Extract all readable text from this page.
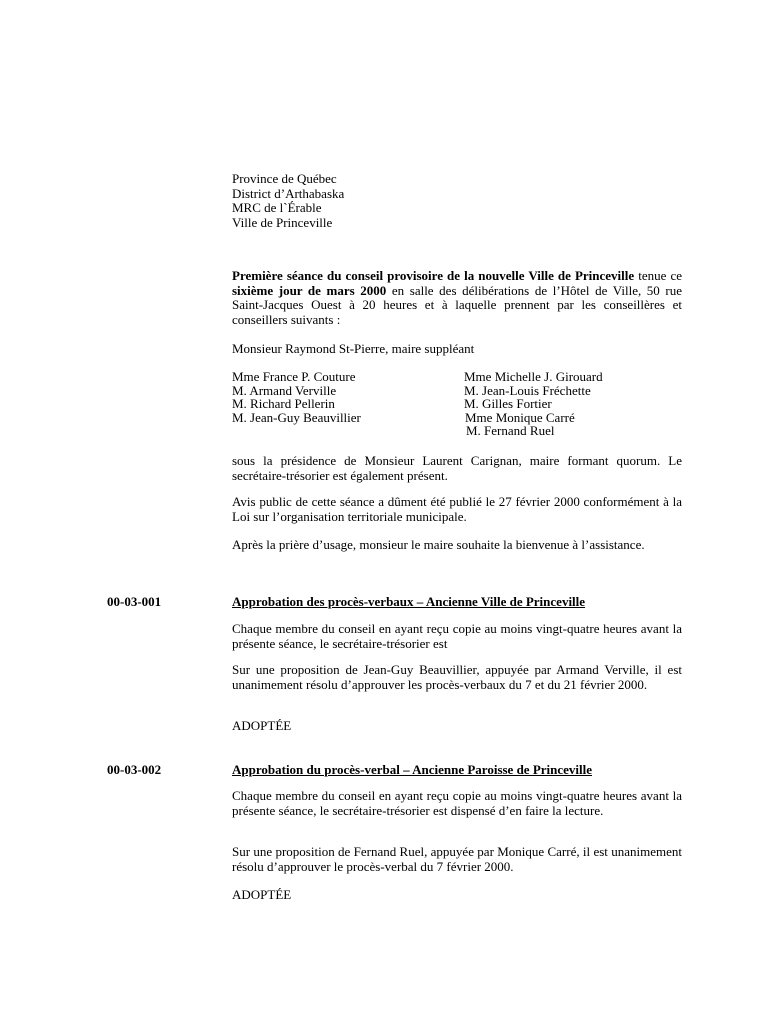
Province de Québec
District d’Arthabaska
MRC de l`Érable
Ville de Princeville
Première séance du conseil provisoire de la nouvelle Ville de Princeville tenue ce sixième jour de mars 2000 en salle des délibérations de l’Hôtel de Ville, 50 rue Saint-Jacques Ouest à 20 heures et à laquelle prennent par les conseillères et conseillers suivants :
Monsieur Raymond St-Pierre, maire suppléant
Mme France P. Couture
M. Armand Verville
M. Richard Pellerin
M. Jean-Guy Beauvillier
Mme Michelle J. Girouard
M. Jean-Louis Fréchette
M. Gilles Fortier
Mme Monique Carré
M. Fernand Ruel
sous la présidence de Monsieur Laurent Carignan, maire formant quorum. Le secrétaire-trésorier est également présent.
Avis public de cette séance a dûment été publié le 27 février 2000 conformément à la Loi sur l’organisation territoriale municipale.
Après la prière d’usage, monsieur le maire souhaite la bienvenue à l’assistance.
00-03-001	Approbation des procès-verbaux – Ancienne Ville de Princeville
Chaque membre du conseil en ayant reçu copie au moins vingt-quatre heures avant la présente séance, le secrétaire-trésorier est
Sur une proposition de Jean-Guy Beauvillier, appuyée par Armand Verville, il est unanimement résolu d’approuver les procès-verbaux du 7 et du 21 février 2000.
ADOPTÉE
00-03-002	Approbation du procès-verbal – Ancienne Paroisse de Princeville
Chaque membre du conseil en ayant reçu copie au moins vingt-quatre heures avant la présente séance, le secrétaire-trésorier est dispensé d’en faire la lecture.
Sur une proposition de Fernand Ruel, appuyée par Monique Carré, il est unanimement résolu d’approuver le procès-verbal du 7 février 2000.
ADOPTÉE
